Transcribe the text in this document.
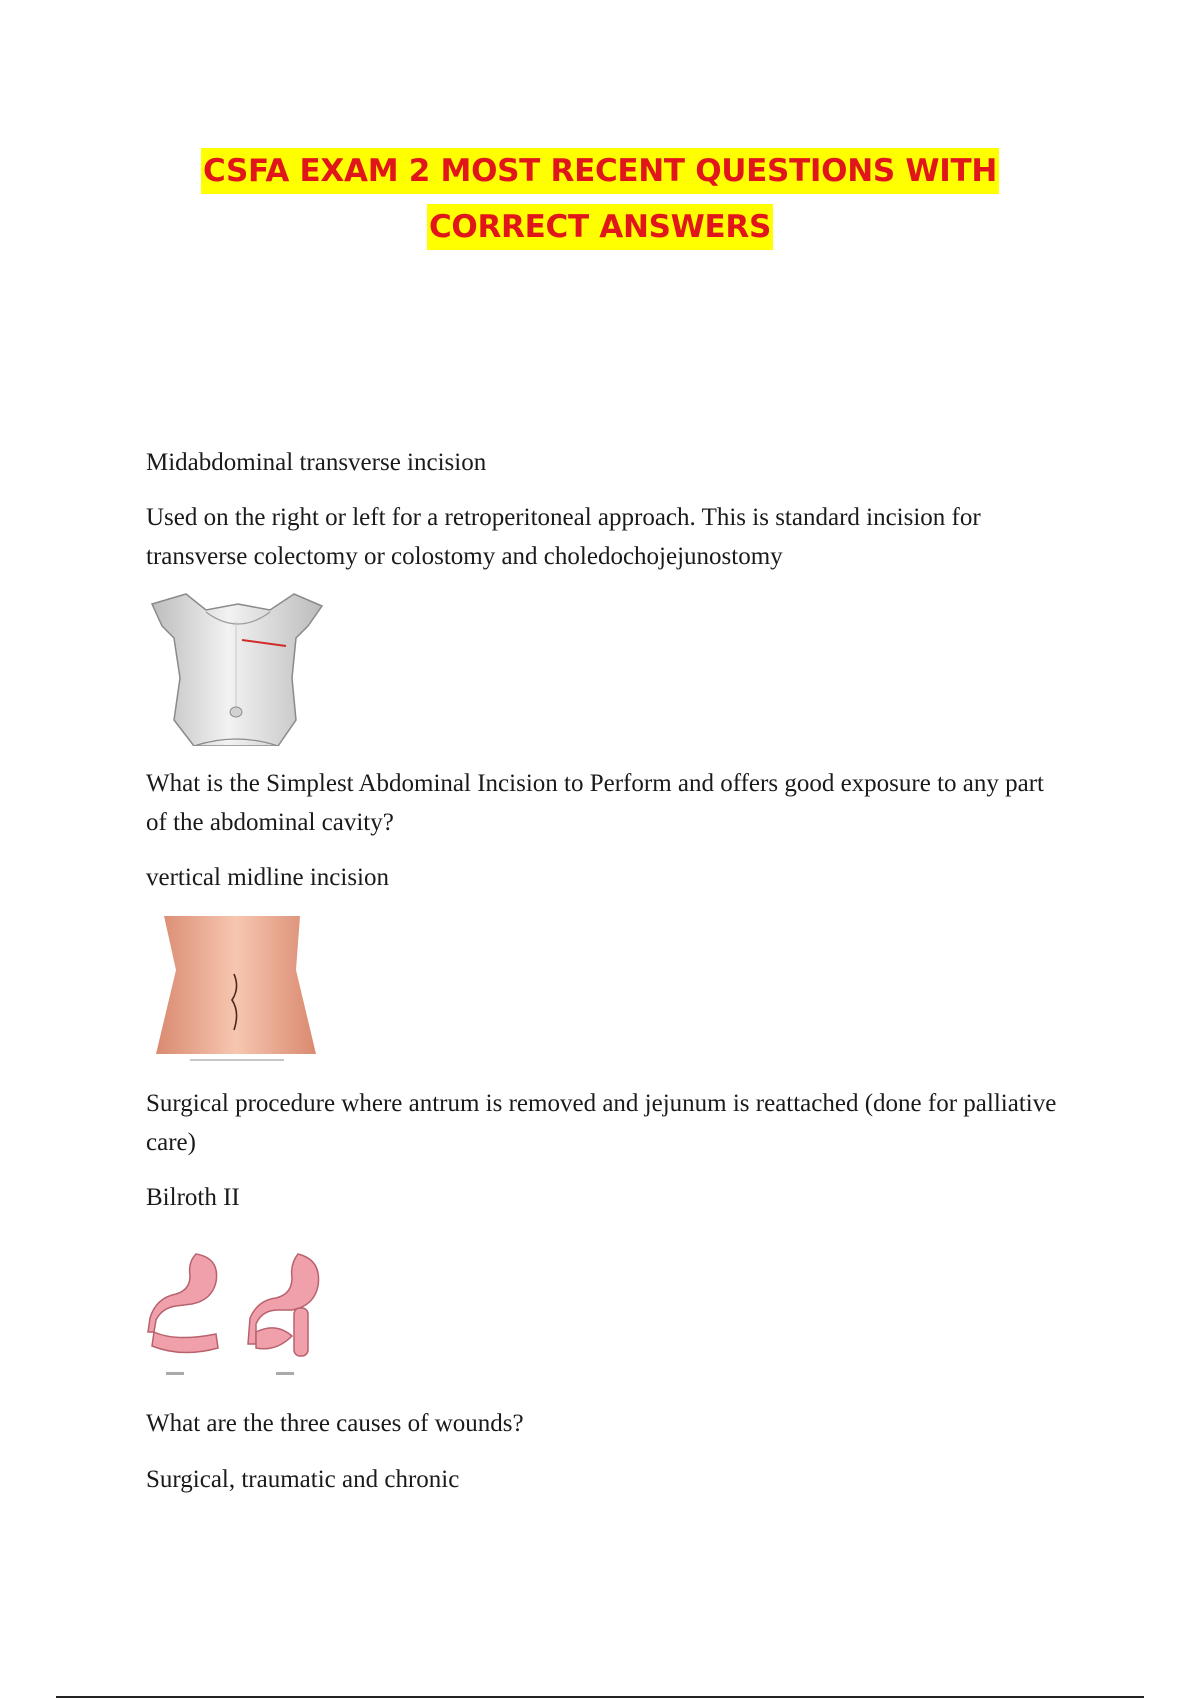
CSFA EXAM 2 MOST RECENT QUESTIONS WITH
CORRECT ANSWERS

Midabdominal transverse incision

Used on the right or left for a retroperitoneal approach. This is standard incision for transverse colectomy or colostomy and choledochojejunostomy

What is the Simplest Abdominal Incision to Perform and offers good exposure to any part of the abdominal cavity?

vertical midline incision

Surgical procedure where antrum is removed and jejunum is reattached (done for palliative care)

Bilroth II

What are the three causes of wounds?

Surgical, traumatic and chronic
